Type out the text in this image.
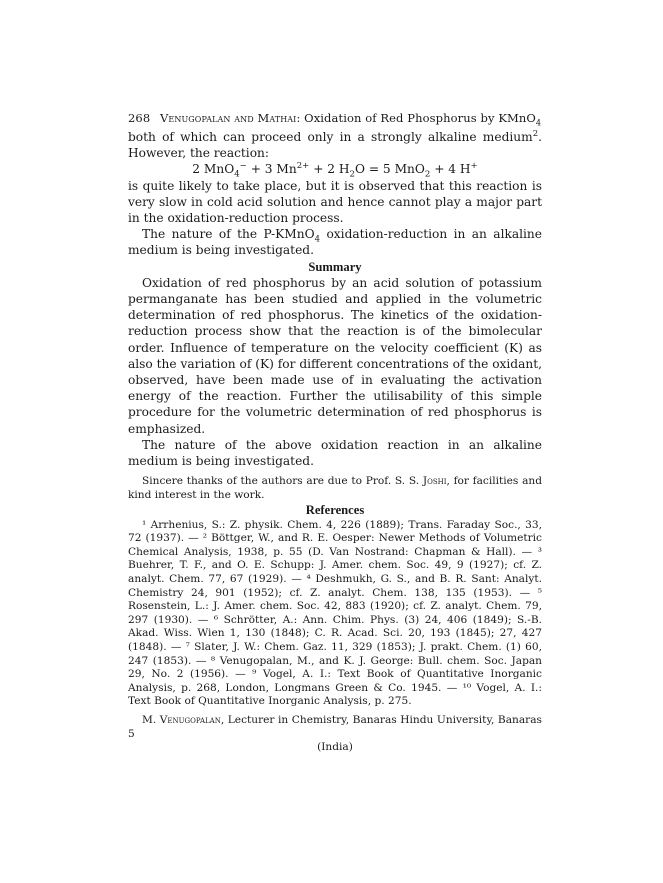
268 Venugopalan and Mathai: Oxidation of Red Phosphorus by KMnO$_4$

both of which can proceed only in a strongly alkaline medium$^2$. However, the reaction:

2 MnO$_4$− + 3 $Mn^{2+} + 2$ $H_2O = 5$ MnO$_2$ + 4 H+

is quite likely to take place, but it is observed that this reaction is very slow in cold acid solution and hence cannot play a major part in the oxidation-reduction process.

The nature of the P-KMnO$_4$ oxidation-reduction in an alkaline medium is being investigated.

Summary

Oxidation of red phosphorus by an acid solution of potassium permanganate has been studied and applied in the volumetric determination of red phosphorus. The kinetics of the oxidation-reduction process show that the reaction is of the bimolecular order. Influence of temperature on the velocity coefficient (K) as also the variation of (K) for different concentrations of the oxidant, observed, have been made use of in evaluating the activation energy of the reaction. Further the utilisability of this simple procedure for the volumetric determination of red phosphorus is emphasized.

The nature of the above oxidation reaction in an alkaline medium is being investigated.

Sincere thanks of the authors are due to Prof. S. S. Joshi, for facilities and kind interest in the work.

References

¹ Arrhenius, S.: Z. physik. Chem. 4, 226 (1889); Trans. Faraday Soc., 33, 72 (1937). — ² Böttger, W., and R. E. Oesper: Newer Methods of Volumetric Chemical Analysis, 1938, p. 55 (D. Van Nostrand: Chapman & Hall). — ³ Buehrer, T. F., and O. E. Schupp: J. Amer. chem. Soc. 49, 9 (1927); cf. Z. analyt. Chem. 77, 67 (1929). — ⁴ Deshmukh, G. S., and B. R. Sant: Analyt. Chemistry 24, 901 (1952); cf. Z. analyt. Chem. 138, 135 (1953). — ⁵ Rosenstein, L.: J. Amer. chem. Soc. 42, 883 (1920); cf. Z. analyt. Chem. 79, 297 (1930). — ⁶ Schrötter, A.: Ann. Chim. Phys. (3) 24, 406 (1849); S.-B. Akad. Wiss. Wien 1, 130 (1848); C. R. Acad. Sci. 20, 193 (1845); 27, 427 (1848). — ⁷ Slater, J. W.: Chem. Gaz. 11, 329 (1853); J. prakt. Chem. (1) 60, 247 (1853). — ⁸ Venugopalan, M., and K. J. George: Bull. chem. Soc. Japan 29, No. 2 (1956). — ⁹ Vogel, A. I.: Text Book of Quantitative Inorganic Analysis, p. 268, London, Longmans Green & Co. 1945. — ¹⁰ Vogel, A. I.: Text Book of Quantitative Inorganic Analysis, p. 275.

M. Venugopalan, Lecturer in Chemistry, Banaras Hindu University, Banaras 5

(India)
